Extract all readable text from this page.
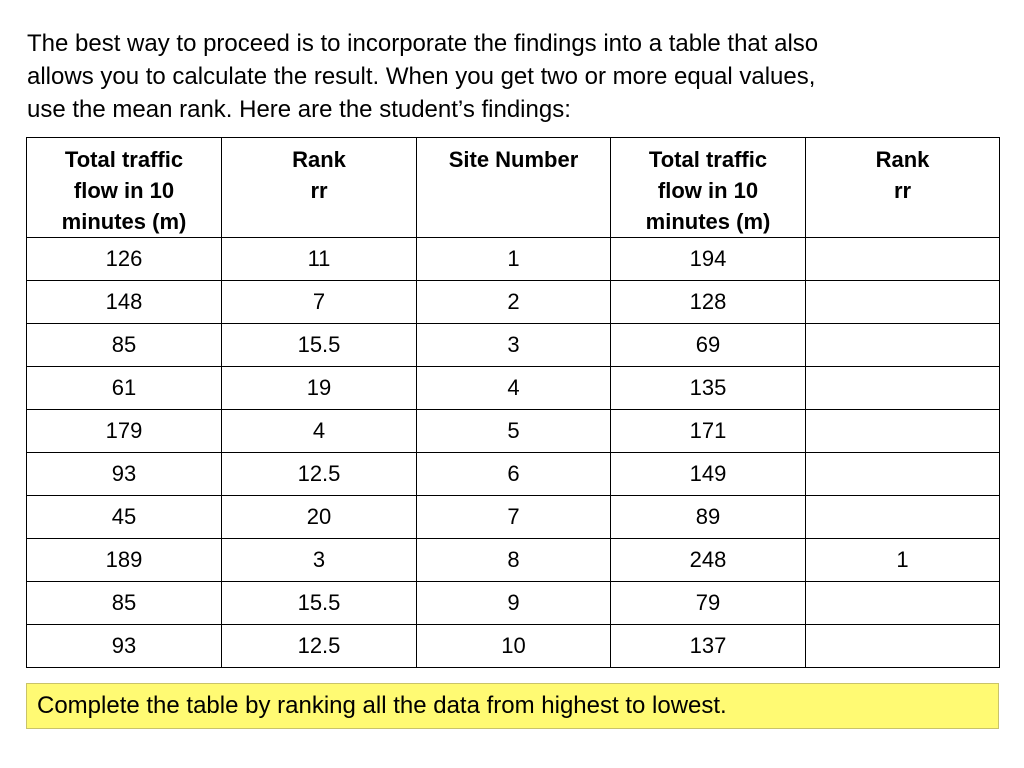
The best way to proceed is to incorporate the findings into a table that also
allows you to calculate the result. When you get two or more equal values,
use the mean rank. Here are the student’s findings:

Total traffic
flow in 10
minutes (m)	Rank
rr	Site Number	Total traffic
flow in 10
minutes (m)	Rank
rr

126	11	1	194	
148	7	2	128	
85	15.5	3	69	
61	19	4	135	
179	4	5	171	
93	12.5	6	149	
45	20	7	89	
189	3	8	248	1
85	15.5	9	79	
93	12.5	10	137	
Complete the table by ranking all the data from highest to lowest.
